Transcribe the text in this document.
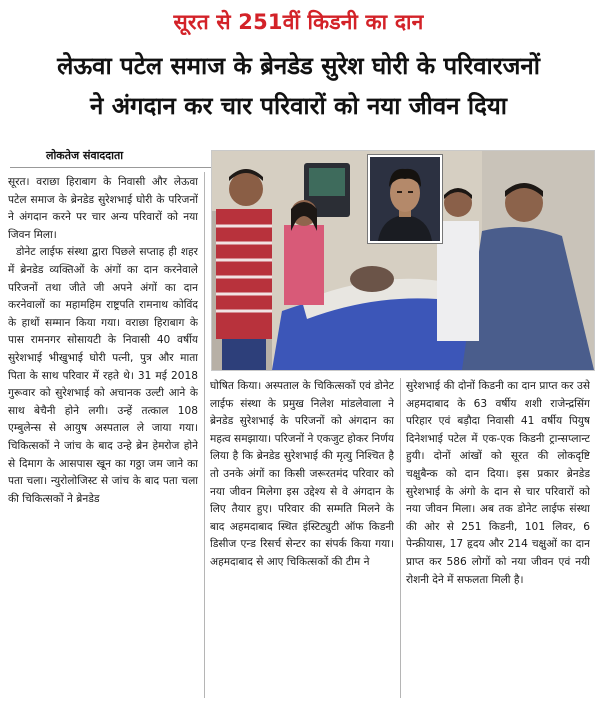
सूरत से 251वीं किडनी का दान
लेऊवा पटेल समाज के ब्रेनडेड सुरेश घोरी के परिवारजनों
ने अंगदान कर चार परिवारों को नया जीवन दिया
लोकतेज संवाददाता

सूरत। वराछा हिराबाग के निवासी और लेऊवा पटेल समाज के ब्रेनडेड सुरेशभाई घोरी के परिजनों ने अंगदान करने पर चार अन्य परिवारों को नया जिवन मिला।

डोनेट लाईफ संस्था द्वारा पिछले सप्ताह ही शहर में ब्रेनडेड व्यक्तिओं के अंगों का दान करनेवाले परिजनों तथा जीते जी अपने अंगों का दान करनेवालों का महामहिम राष्ट्रपति रामनाथ कोविंद के हाथों सम्मान किया गया। वराछा हिराबाग के पास रामनगर सोसायटी के निवासी 40 वर्षीय सुरेशभाई भीखुभाई घोरी पत्नी, पुत्र और माता पिता के साथ परिवार में रहते थे। 31 मई 2018 गुरूवार को सुरेशभाई को अचानक उल्टी आने के साथ बेचैनी होने लगी। उन्हें तत्काल 108 एम्बुलेन्स से आयुष अस्पताल ले जाया गया। चिकित्सकों ने जांच के बाद उन्हे ब्रेन हेमरोज होने से दिमाग के आसपास खून का गठ्ठा जम जाने का पता चला। न्युरोलोजिस्ट से जांच के बाद पता चला की चिकित्सकों ने ब्रेनडेड

घोषित किया। अस्पताल के चिकित्सकों एवं डोनेट लाईफ संस्था के प्रमुख निलेश मांडलेवाला ने ब्रेनडेड सुरेशभाई के परिजनों को अंगदान का महत्व समझाया। परिजनों ने एकजुट होकर निर्णय लिया है कि ब्रेनडेड सुरेशभाई की मृत्यु निश्चित है तो उनके अंगों का किसी जरूरतमंद परिवार को नया जीवन मिलेगा इस उद्देश्य से वे अंगदान के लिए तैयार हुए। परिवार की सम्मति मिलने के बाद अहमदाबाद स्थित इंस्टिट्युटी ऑफ किडनी डिसीज एन्ड रिसर्च सेन्टर का संपर्क किया गया। अहमदाबाद से आए चिकित्सकों की टीम ने

सुरेशभाई की दोनों किडनी का दान प्राप्त कर उसे अहमदाबाद के 63 वर्षीय शशी राजेन्द्रसिंग परिहार एवं बड़ौदा निवासी 41 वर्षीय पियुष दिनेशभाई पटेल में एक-एक किडनी ट्रान्सप्लान्ट हुयी। दोनों आंखों को सूरत की लोकदृष्टि चक्षुबैन्क को दान दिया। इस प्रकार ब्रेनडेड सुरेशभाई के अंगो के दान से चार परिवारों को नया जीवन मिला। अब तक डोनेट लाईफ संस्था की ओर से 251 किडनी, 101 लिवर, 6 पेन्क्रीयास, 17 हृदय और 214 चक्षुओं का दान प्राप्त कर 586 लोगों को नया जीवन एवं नयी रोशनी देने में सफलता मिली है।
